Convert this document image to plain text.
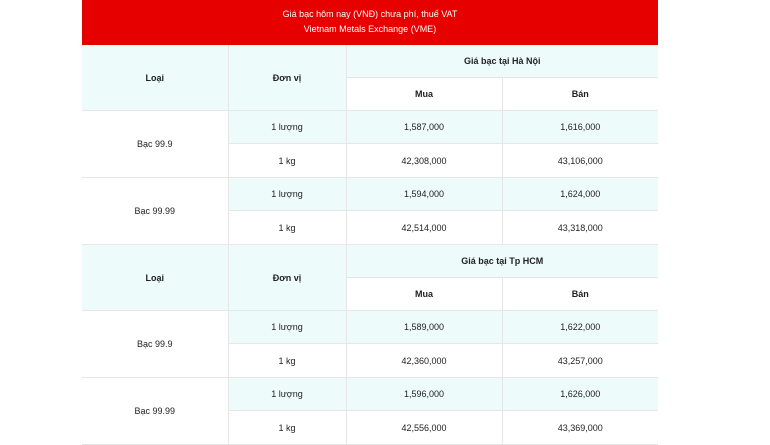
Giá bạc hôm nay (VNĐ) chưa phí, thuế VAT
Vietnam Metals Exchange (VME)
Loại	Đơn vị	Giá bạc tại Hà Nội	
		Mua	Bán
Bạc 99.9	1 lượng	1,587,000	1,616,000
	1 kg	42,308,000	43,106,000
Bạc 99.99	1 lượng	1,594,000	1,624,000
	1 kg	42,514,000	43,318,000
Loại	Đơn vị	Giá bạc tại Tp HCM	
		Mua	Bán
Bạc 99.9	1 lượng	1,589,000	1,622,000
	1 kg	42,360,000	43,257,000
Bạc 99.99	1 lượng	1,596,000	1,626,000
	1 kg	42,556,000	43,369,000
